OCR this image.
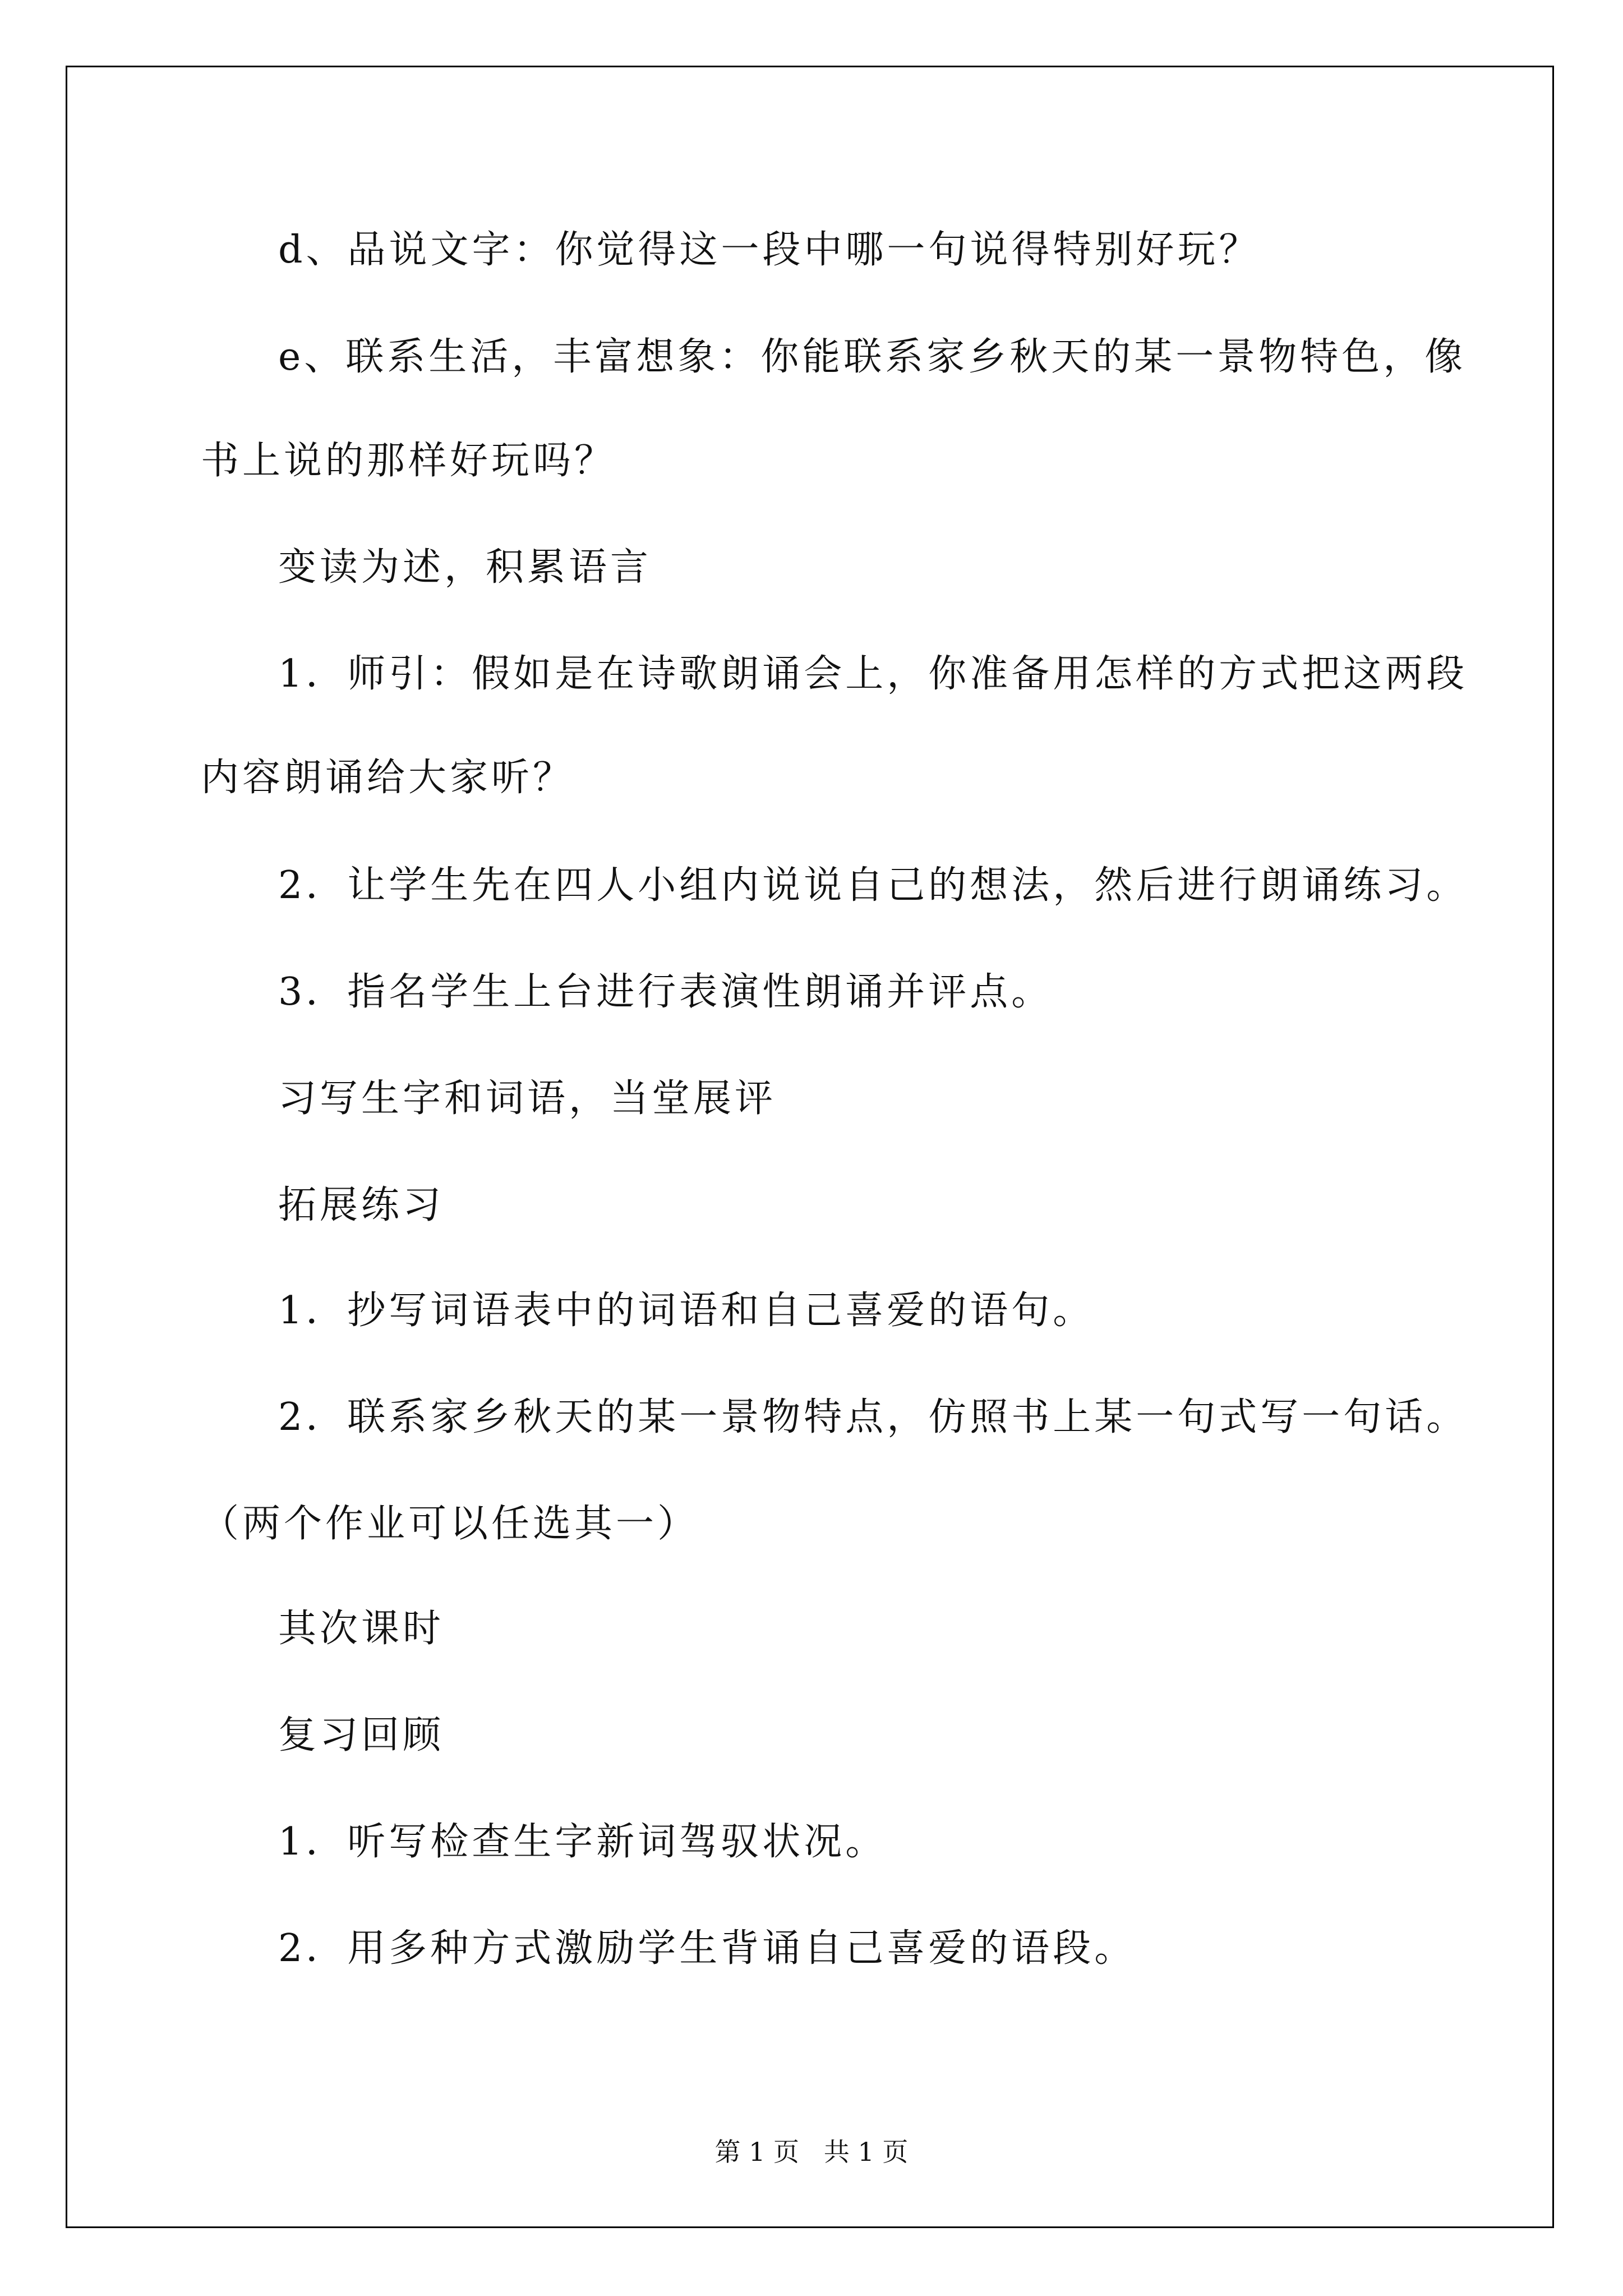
d、品说文字：你觉得这一段中哪一句说得特别好玩？
e、联系生活，丰富想象：你能联系家乡秋天的某一景物特色，像
书上说的那样好玩吗？
变读为述，积累语言
1．师引：假如是在诗歌朗诵会上，你准备用怎样的方式把这两段
内容朗诵给大家听？
2．让学生先在四人小组内说说自己的想法，然后进行朗诵练习。
3．指名学生上台进行表演性朗诵并评点。
习写生字和词语，当堂展评
拓展练习
1．抄写词语表中的词语和自己喜爱的语句。
2．联系家乡秋天的某一景物特点，仿照书上某一句式写一句话。
（两个作业可以任选其一）
其次课时
复习回顾
1．听写检查生字新词驾驭状况。
2．用多种方式激励学生背诵自己喜爱的语段。
第 1 页   共 1 页
